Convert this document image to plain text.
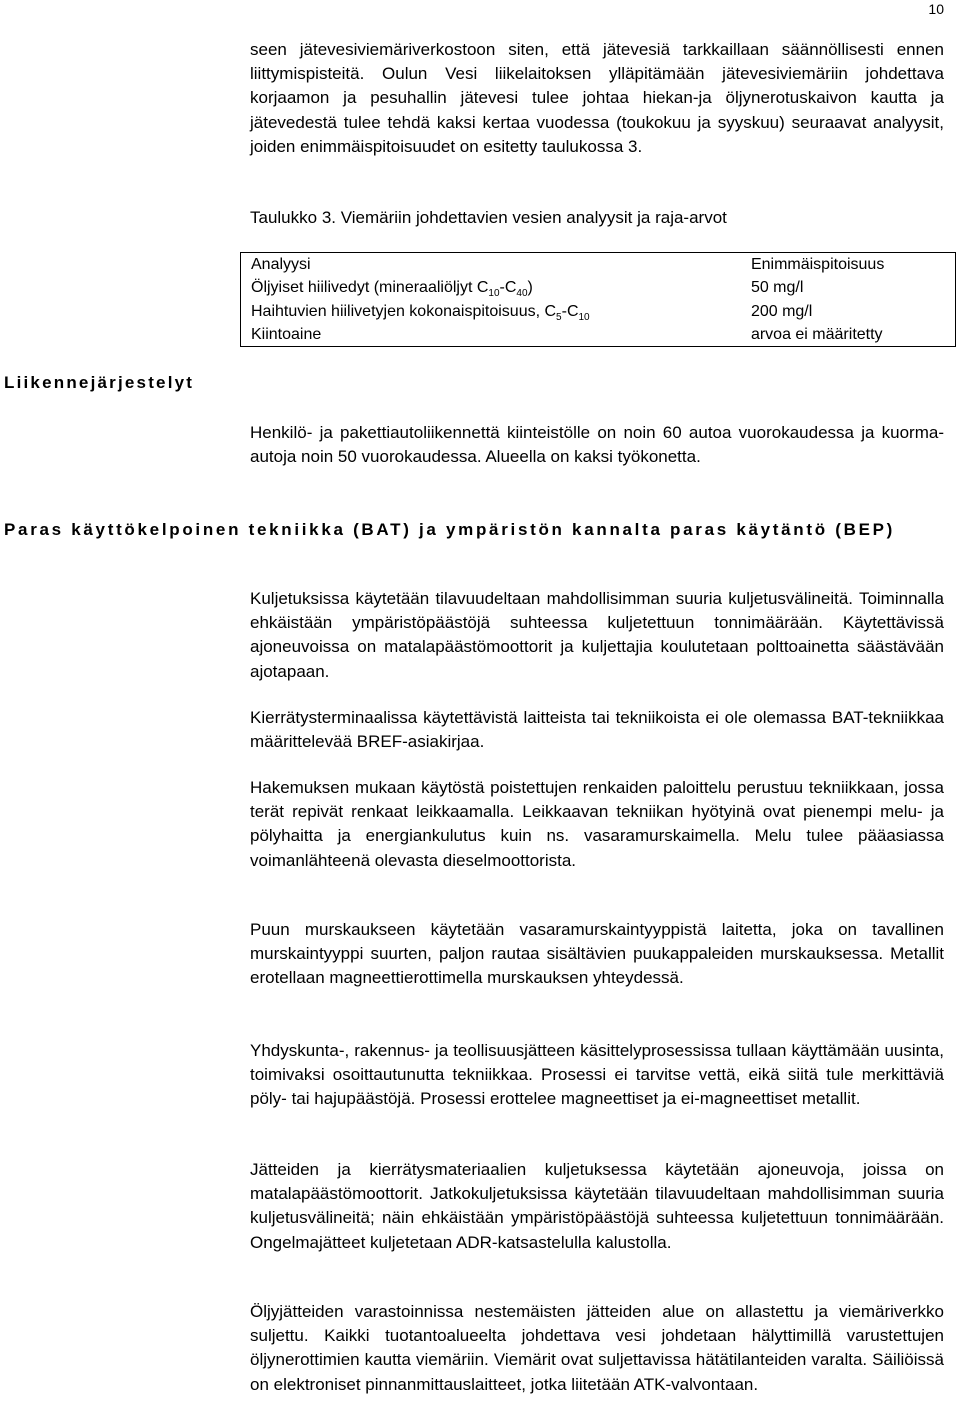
10
seen jätevesiviemäriverkostoon siten, että jätevesiä tarkkaillaan säännöllisesti ennen liittymispisteitä. Oulun Vesi liikelaitoksen ylläpitämään jätevesiviemäriin johdettava korjaamon ja pesuhallin jätevesi tulee johtaa hiekan-ja öljynerotuskaivon kautta ja jätevedestä tulee tehdä kaksi kertaa vuodessa (toukokuu ja syyskuu) seuraavat analyysit, joiden enimmäispitoisuudet on esitetty taulukossa 3.
Taulukko 3. Viemäriin johdettavien vesien analyysit ja raja-arvot
Analyysi	Enimmäispitoisuus
Öljyiset hiilivedyt (mineraaliöljyt $C_{10}-C_{40}$)	50 mg/l
Haihtuvien hiilivetyjen kokonaispitoisuus, $C_5-C_{10}$	200 mg/l
Kiintoaine	arvoa ei määritetty
Liikennejärjestelyt
Henkilö- ja pakettiautoliikennettä kiinteistölle on noin 60 autoa vuorokaudessa ja kuorma-autoja noin 50 vuorokaudessa. Alueella on kaksi työkonetta.
Paras käyttökelpoinen tekniikka (BAT) ja ympäristön kannalta paras käytäntö (BEP)
Kuljetuksissa käytetään tilavuudeltaan mahdollisimman suuria kuljetusvälineitä. Toiminnalla ehkäistään ympäristöpäästöjä suhteessa kuljetettuun tonnimäärään. Käytettävissä ajoneuvoissa on matalapäästömoottorit ja kuljettajia koulutetaan polttoainetta säästävään ajotapaan.
Kierrätysterminaalissa käytettävistä laitteista tai tekniikoista ei ole olemassa BAT-tekniikkaa määrittelevää BREF-asiakirjaa.
Hakemuksen mukaan käytöstä poistettujen renkaiden paloittelu perustuu tekniikkaan, jossa terät repivät renkaat leikkaamalla. Leikkaavan tekniikan hyötyinä ovat pienempi melu- ja pölyhaitta ja energiankulutus kuin ns. vasaramurskaimella. Melu tulee pääasiassa voimanlähteenä olevasta dieselmoottorista.
Puun murskaukseen käytetään vasaramurskaintyyppistä laitetta, joka on tavallinen murskaintyyppi suurten, paljon rautaa sisältävien puukappaleiden murskauksessa. Metallit erotellaan magneettierottimella murskauksen yhteydessä.
Yhdyskunta-, rakennus- ja teollisuusjätteen käsittelyprosessissa tullaan käyttämään uusinta, toimivaksi osoittautunutta tekniikkaa. Prosessi ei tarvitse vettä, eikä siitä tule merkittäviä pöly- tai hajupäästöjä. Prosessi erottelee magneettiset ja ei-magneettiset metallit.
Jätteiden ja kierrätysmateriaalien kuljetuksessa käytetään ajoneuvoja, joissa on matalapäästömoottorit. Jatkokuljetuksissa käytetään tilavuudeltaan mahdollisimman suuria kuljetusvälineitä; näin ehkäistään ympäristöpäästöjä suhteessa kuljetettuun tonnimäärään. Ongelmajätteet kuljetetaan ADR-katsastelulla kalustolla.
Öljyjätteiden varastoinnissa nestemäisten jätteiden alue on allastettu ja viemäriverkko suljettu. Kaikki tuotantoalueelta johdettava vesi johdetaan hälyttimillä varustettujen öljynerottimien kautta viemäriin. Viemärit ovat suljettavissa hätätilanteiden varalta. Säiliöissä on elektroniset pinnanmittauslaitteet, jotka liitetään ATK-valvontaan.
